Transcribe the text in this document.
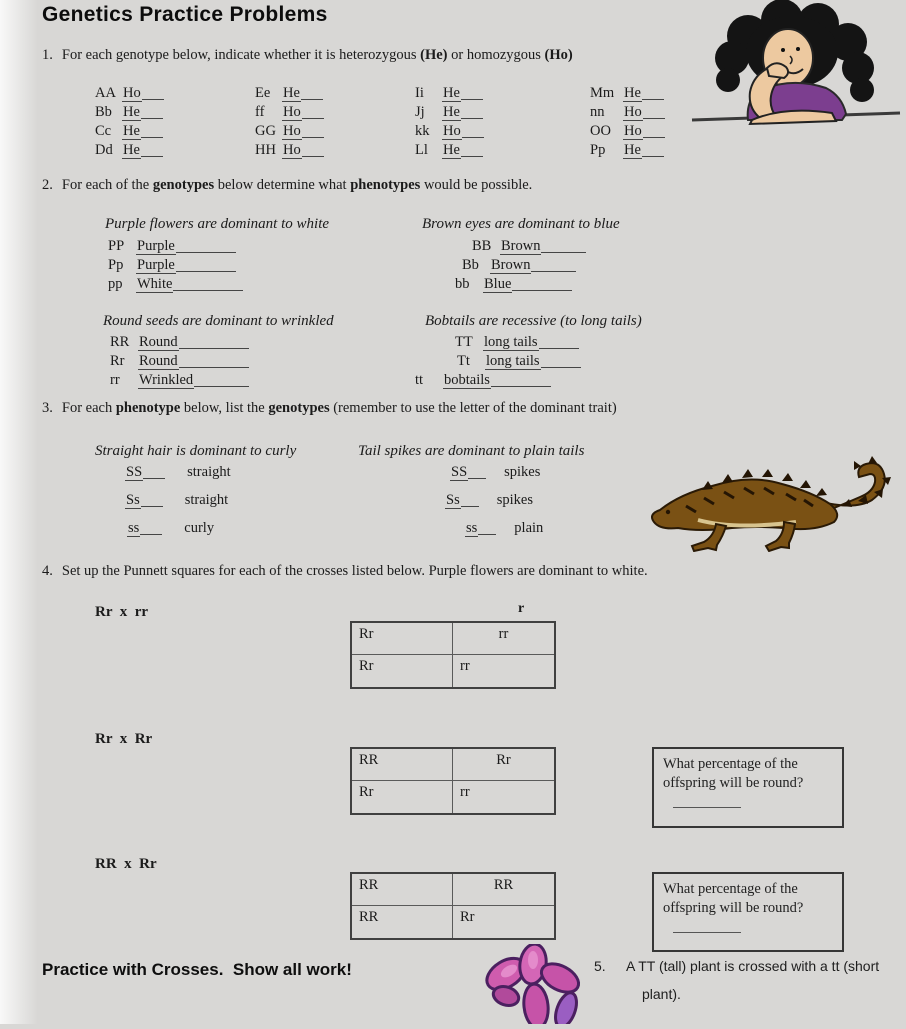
Genetics Practice Problems
1. For each genotype below, indicate whether it is heterozygous (He) or homozygous (Ho)
AA Ho
Bb He
Cc He
Dd He
Ee He
ff Ho
GG Ho
HH Ho
Ii He
Jj He
kk Ho
Ll He
Mm He
nn Ho
OO Ho
Pp He
2. For each of the genotypes below determine what phenotypes would be possible.
Purple flowers are dominant to white
PP Purple
Pp Purple
pp White
Brown eyes are dominant to blue
BB Brown
Bb Brown
bb Blue
Round seeds are dominant to wrinkled
RR Round
Rr Round
rr Wrinkled
Bobtails are recessive (to long tails)
TT long tails
Tt long tails
tt bobtails
3. For each phenotype below, list the genotypes (remember to use the letter of the dominant trait)
Straight hair is dominant to curly
SS	straight
Ss	straight
ss	curly
Tail spikes are dominant to plain tails
SS	spikes
Ss	spikes
ss	plain
4. Set up the Punnett squares for each of the crosses listed below. Purple flowers are dominant to white.
Rr  x  rr	r
Rr	rr
Rr	rr
Rr  x  Rr
RR	Rr
Rr	rr
What percentage of the offspring will be round?
RR  x  Rr
RR	RR
RR	Rr
What percentage of the offspring will be round?
Practice with Crosses.  Show all work!	5. A TT (tall) plant is crossed with a tt (short plant).
